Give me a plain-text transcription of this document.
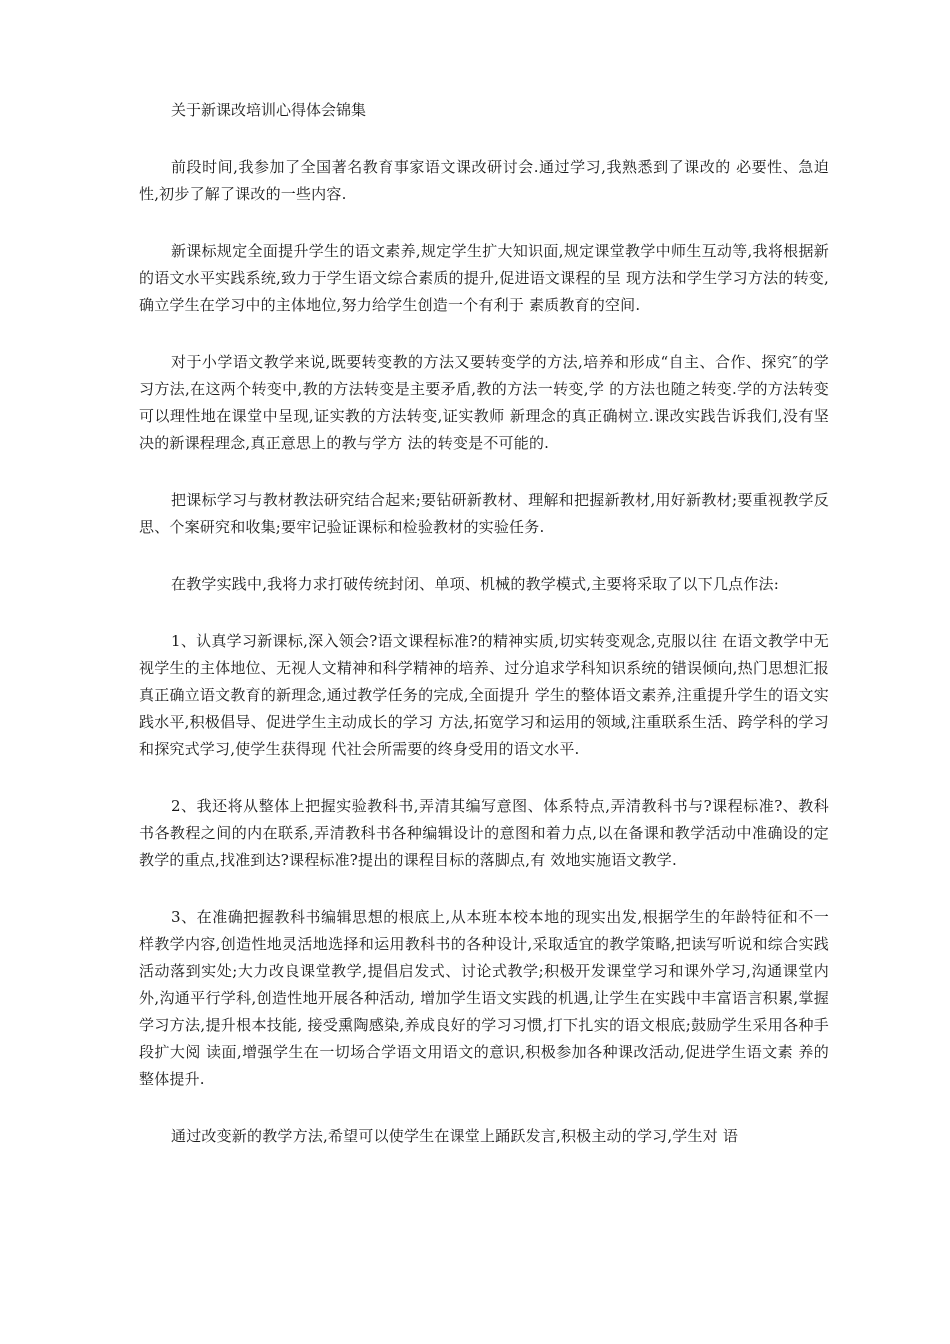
关于新课改培训心得体会锦集

前段时间,我参加了全国著名教育事家语文课改研讨会.通过学习,我熟悉到了课改的 必要性、急迫性,初步了解了课改的一些内容.

新课标规定全面提升学生的语文素养,规定学生扩大知识面,规定课堂教学中师生互动等,我将根据新的语文水平实践系统,致力于学生语文综合素质的提升,促进语文课程的呈 现方法和学生学习方法的转变,确立学生在学习中的主体地位,努力给学生创造一个有利于 素质教育的空间.

对于小学语文教学来说,既要转变教的方法又要转变学的方法,培养和形成“自主、合作、探究″的学习方法,在这两个转变中,教的方法转变是主要矛盾,教的方法一转变,学 的方法也随之转变.学的方法转变可以理性地在课堂中呈现,证实教的方法转变,证实教师 新理念的真正确树立.课改实践告诉我们,没有坚决的新课程理念,真正意思上的教与学方 法的转变是不可能的.

把课标学习与教材教法研究结合起来;要钻研新教材、理解和把握新教材,用好新教材;要重视教学反思、个案研究和收集;要牢记验证课标和检验教材的实验任务.

在教学实践中,我将力求打破传统封闭、单项、机械的教学模式,主要将采取了以下几点作法:

1、认真学习新课标,深入领会?语文课程标准?的精神实质,切实转变观念,克服以往 在语文教学中无视学生的主体地位、无视人文精神和科学精神的培养、过分追求学科知识系统的错误倾向,热门思想汇报真正确立语文教育的新理念,通过教学任务的完成,全面提升 学生的整体语文素养,注重提升学生的语文实践水平,积极倡导、促进学生主动成长的学习 方法,拓宽学习和运用的领域,注重联系生活、跨学科的学习和探究式学习,使学生获得现 代社会所需要的终身受用的语文水平.

2、我还将从整体上把握实验教科书,弄清其编写意图、体系特点,弄清教科书与?课程标准?、教科书各教程之间的内在联系,弄清教科书各种编辑设计的意图和着力点,以在备课和教学活动中准确设的定教学的重点,找准到达?课程标准?提出的课程目标的落脚点,有 效地实施语文教学.

3、在准确把握教科书编辑思想的根底上,从本班本校本地的现实出发,根据学生的年龄特征和不一样教学内容,创造性地灵活地选择和运用教科书的各种设计,采取适宜的教学策略,把读写听说和综合实践活动落到实处;大力改良课堂教学,提倡启发式、讨论式教学;积极开发课堂学习和课外学习,沟通课堂内外,沟通平行学科,创造性地开展各种活动, 增加学生语文实践的机遇,让学生在实践中丰富语言积累,掌握学习方法,提升根本技能, 接受熏陶感染,养成良好的学习习惯,打下扎实的语文根底;鼓励学生采用各种手段扩大阅 读面,增强学生在一切场合学语文用语文的意识,积极参加各种课改活动,促进学生语文素 养的整体提升.

通过改变新的教学方法,希望可以使学生在课堂上踊跃发言,积极主动的学习,学生对 语
